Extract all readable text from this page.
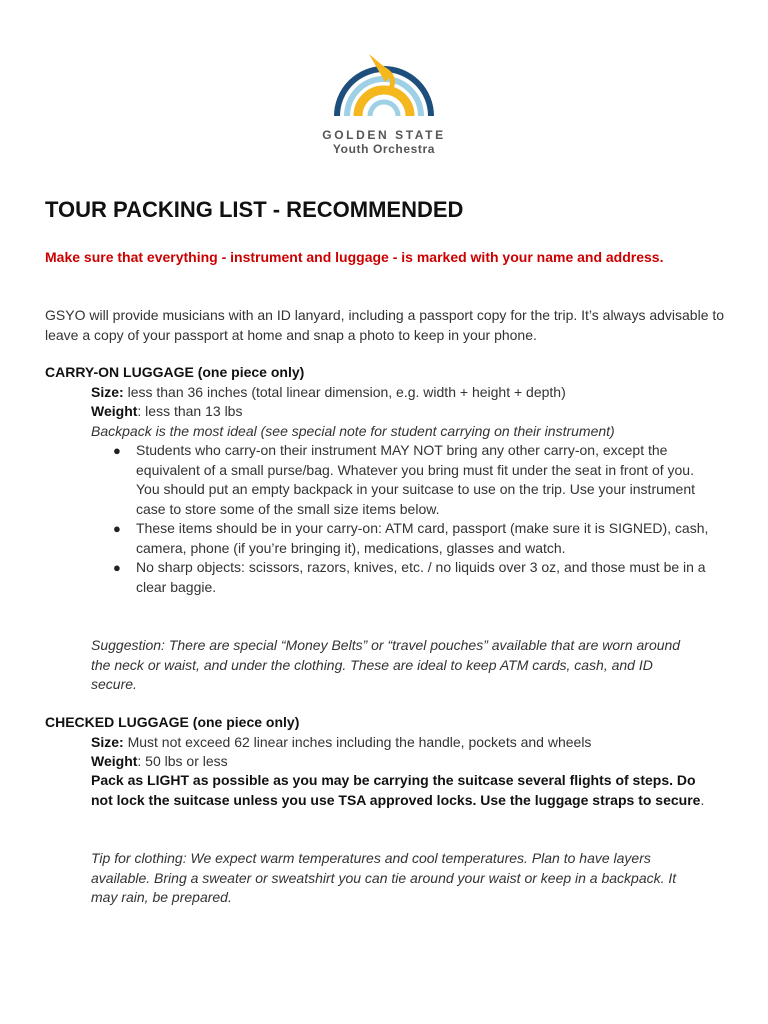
GOLDEN STATE
Youth Orchestra
TOUR PACKING LIST - RECOMMENDED

Make sure that everything - instrument and luggage - is marked with your name and address.

GSYO will provide musicians with an ID lanyard, including a passport copy for the trip. It’s always advisable to leave a copy of your passport at home and snap a photo to keep in your phone.

CARRY-ON LUGGAGE (one piece only)

Size: less than 36 inches (total linear dimension, e.g. width + height + depth)

Weight: less than 13 lbs

Backpack is the most ideal (see special note for student carrying on their instrument)

● Students who carry-on their instrument MAY NOT bring any other carry-on, except the equivalent of a small purse/bag. Whatever you bring must fit under the seat in front of you. You should put an empty backpack in your suitcase to use on the trip. Use your instrument case to store some of the small size items below.
● These items should be in your carry-on: ATM card, passport (make sure it is SIGNED), cash, camera, phone (if you’re bringing it), medications, glasses and watch.
● No sharp objects: scissors, razors, knives, etc. / no liquids over 3 oz, and those must be in a clear baggie.

Suggestion: There are special “Money Belts” or “travel pouches” available that are worn around the neck or waist, and under the clothing. These are ideal to keep ATM cards, cash, and ID secure.

CHECKED LUGGAGE (one piece only)

Size: Must not exceed 62 linear inches including the handle, pockets and wheels

Weight: 50 lbs or less

Pack as LIGHT as possible as you may be carrying the suitcase several flights of steps. Do not lock the suitcase unless you use TSA approved locks. Use the luggage straps to secure.

Tip for clothing: We expect warm temperatures and cool temperatures. Plan to have layers available. Bring a sweater or sweatshirt you can tie around your waist or keep in a backpack. It may rain, be prepared.
